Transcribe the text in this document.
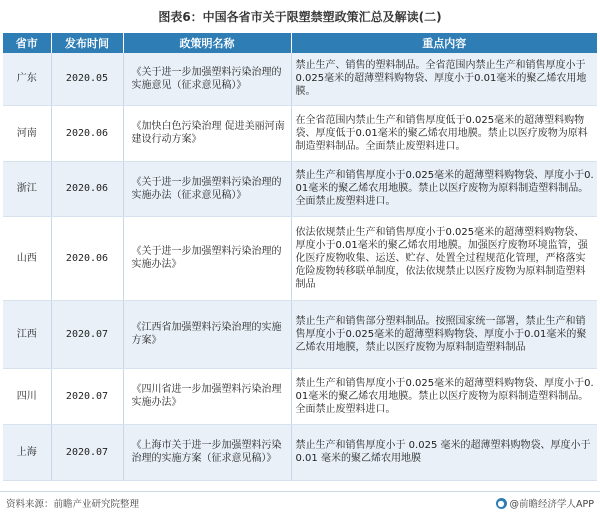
图表6：中国各省市关于限塑禁塑政策汇总及解读(二)
省市	发布时间	政策明名称	重点内容
广东	2020.05	《关于进一步加强塑料污染治理的实施意见（征求意见稿）》	禁止生产、销售的塑料制品。全省范围内禁止生产和销售厚度小于0.025毫米的超薄塑料购物袋、厚度小于0.01毫米的聚乙烯农用地膜。

河南	2020.06	《加快白色污染治理 促进美丽河南建设行动方案》	在全省范围内禁止生产和销售厚度低于0.025毫米的超薄塑料购物袋、厚度低于0.01毫米的聚乙烯农用地膜。禁止以医疗废物为原料制造塑料制品。全面禁止废塑料进口。

浙江	2020.06	《关于进一步加强塑料污染治理的实施办法（征求意见稿）》	禁止生产和销售厚度小于0.025毫米的超薄塑料购物袋、厚度小于0.01毫米的聚乙烯农用地膜。禁止以医疗废物为原料制造塑料制品。全面禁止废塑料进口。

山西	2020.06	《关于进一步加强塑料污染治理的实施办法》	依法依规禁止生产和销售厚度小于0.025毫米的超薄塑料购物袋、厚度小于0.01毫米的聚乙烯农用地膜。加强医疗废物环境监管，强化医疗废物收集、运送、贮存、处置全过程规范化管理，严格落实危险废物转移联单制度，依法依规禁止以医疗废物为原料制造塑料制品

江西	2020.07	《江西省加强塑料污染治理的实施方案》	禁止生产和销售部分塑料制品。按照国家统一部署，禁止生产和销售厚度小于0.025毫米的超薄塑料购物袋、厚度小于0.01毫米的聚乙烯农用地膜，禁止以医疗废物为原料制造塑料制品

四川	2020.07	《四川省进一步加强塑料污染治理实施办法》	禁止生产和销售厚度小于0.025毫米的超薄塑料购物袋、厚度小于0.01毫米的聚乙烯农用地膜。禁止以医疗废物为原料制造塑料制品。全面禁止废塑料进口。

上海	2020.07	《上海市关于进一步加强塑料污染治理的实施方案（征求意见稿）》	禁止生产和销售厚度小于 0.025 毫米的超薄塑料购物袋、厚度小于 0.01 毫米的聚乙烯农用地膜
资料来源：前瞻产业研究院整理	● @前瞻经济学人APP
